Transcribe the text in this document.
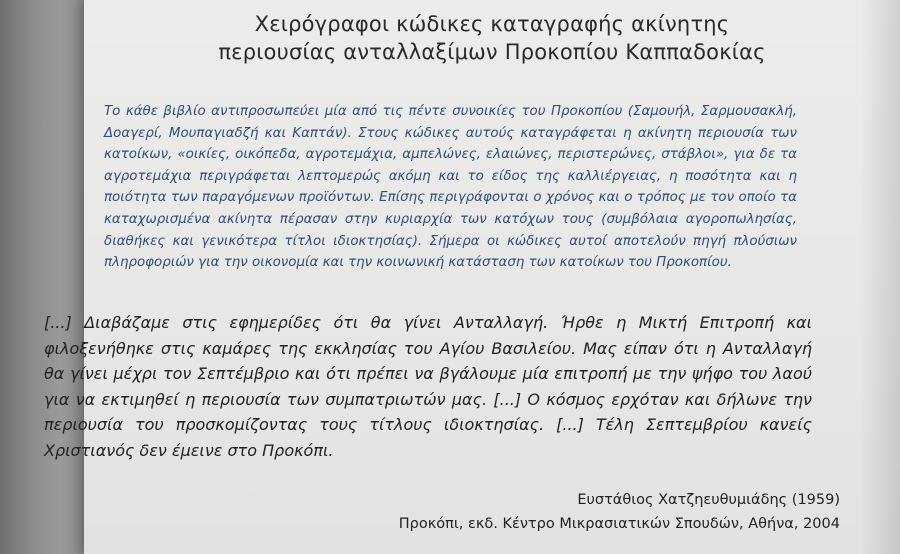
Χειρόγραφοι κώδικες καταγραφής ακίνητης
περιουσίας ανταλλαξίμων Προκοπίου Καππαδοκίας
Το κάθε βιβλίο αντιπροσωπεύει μία από τις πέντε συνοικίες του Προκοπίου (Σαμουήλ, Σαρμουσακλή, Δοαγερί, Μουπαγιαδζή και Καπτάν). Στους κώδικες αυτούς καταγράφεται η ακίνητη περιουσία των κατοίκων, «οικίες, οικόπεδα, αγροτεμάχια, αμπελώνες, ελαιώνες, περιστερώνες, στάβλοι», για δε τα αγροτεμάχια περιγράφεται λεπτομερώς ακόμη και το είδος της καλλιέργειας, η ποσότητα και η ποιότητα των παραγόμενων προϊόντων. Επίσης περιγράφονται ο χρόνος και ο τρόπος με τον οποίο τα καταχωρισμένα ακίνητα πέρασαν στην κυριαρχία των κατόχων τους (συμβόλαια αγοροπωλησίας, διαθήκες και γενικότερα τίτλοι ιδιοκτησίας). Σήμερα οι κώδικες αυτοί αποτελούν πηγή πλούσιων πληροφοριών για την οικονομία και την κοινωνική κατάσταση των κατοίκων του Προκοπίου.
[...] Διαβάζαμε στις εφημερίδες ότι θα γίνει Ανταλλαγή. Ήρθε η Μικτή Επιτροπή και φιλοξενήθηκε στις καμάρες της εκκλησίας του Αγίου Βασιλείου. Μας είπαν ότι η Ανταλλαγή θα γίνει μέχρι τον Σεπτέμβριο και ότι πρέπει να βγάλουμε μία επιτροπή με την ψήφο του λαού για να εκτιμηθεί η περιουσία των συμπατριωτών μας. [...] Ο κόσμος ερχόταν και δήλωνε την περιουσία του προσκομίζοντας τους τίτλους ιδιοκτησίας. [...] Τέλη Σεπτεμβρίου κανείς Χριστιανός δεν έμεινε στο Προκόπι.
Ευστάθιος Χατζηευθυμιάδης (1959)
Προκόπι, εκδ. Κέντρο Μικρασιατικών Σπουδών, Αθήνα, 2004
